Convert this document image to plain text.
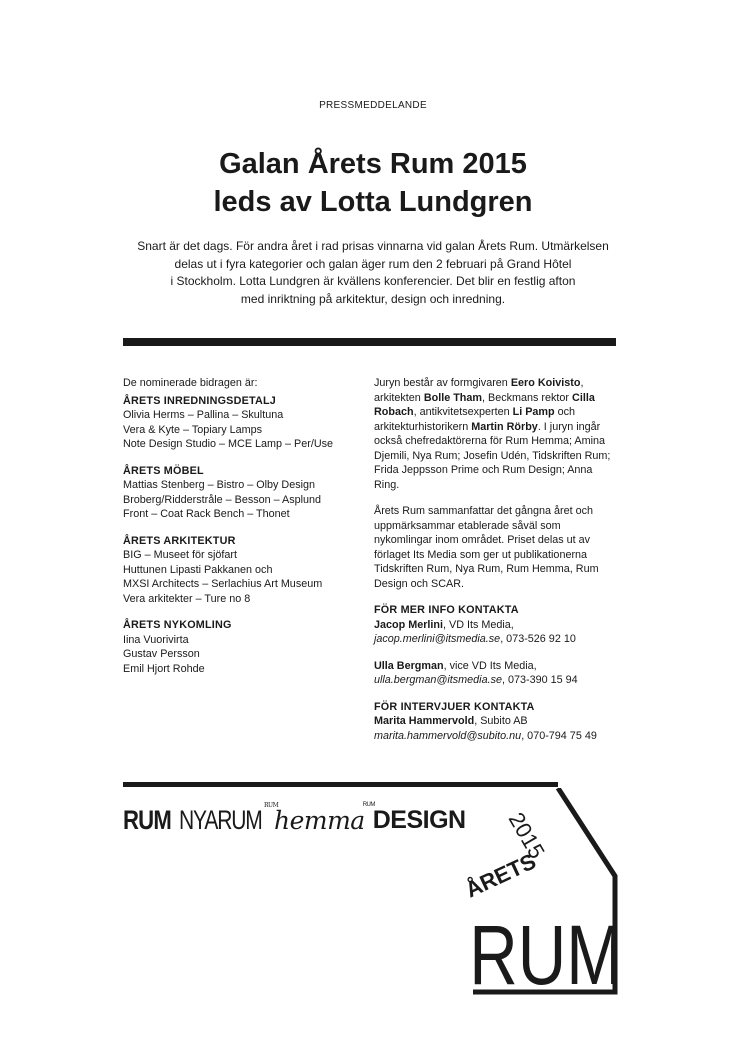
PRESSMEDDELANDE
Galan Årets Rum 2015
leds av Lotta Lundgren
Snart är det dags. För andra året i rad prisas vinnarna vid galan Årets Rum. Utmärkelsen
delas ut i fyra kategorier och galan äger rum den 2 februari på Grand Hôtel
i Stockholm. Lotta Lundgren är kvällens konferencier. Det blir en festlig afton
med inriktning på arkitektur, design och inredning.

De nominerade bidragen är:

ÅRETS INREDNINGSDETALJ

Olivia Herms – Pallina – Skultuna

Vera & Kyte – Topiary Lamps

Note Design Studio – MCE Lamp – Per/Use

ÅRETS MÖBEL

Mattias Stenberg – Bistro – Olby Design

Broberg/Ridderstråle – Besson – Asplund

Front – Coat Rack Bench – Thonet

ÅRETS ARKITEKTUR

BIG – Museet för sjöfart

Huttunen Lipasti Pakkanen och

MXSI Architects – Serlachius Art Museum

Vera arkitekter – Ture no 8

ÅRETS NYKOMLING

Iina Vuorivirta

Gustav Persson

Emil Hjort Rohde

Juryn består av formgivaren Eero Koivisto, arkitekten Bolle Tham, Beckmans rektor Cilla Robach, antikvitetsexperten Li Pamp och arkitekturhistorikern Martin Rörby. I juryn ingår också chefredaktörerna för Rum Hemma; Amina Djemili, Nya Rum; Josefin Udén, Tidskriften Rum; Frida Jeppsson Prime och Rum Design; Anna Ring.

Årets Rum sammanfattar det gångna året och uppmärksammar etablerade såväl som nykomlingar inom området. Priset delas ut av förlaget Its Media som ger ut publikationerna Tidskriften Rum, Nya Rum, Rum Hemma, Rum Design och SCAR.

FÖR MER INFO KONTAKTA

Jacop Merlini, VD Its Media,

jacop.merlini@itsmedia.se, 073-526 92 10

Ulla Bergman, vice VD Its Media,

ulla.bergman@itsmedia.se, 073-390 15 94

FÖR INTERVJUER KONTAKTA

Marita Hammervold, Subito AB

marita.hammervold@subito.nu, 070-794 75 49

RUM NYARUM RUM
hemma
RUM
DESIGN 2015
ÅRETS
RUM
